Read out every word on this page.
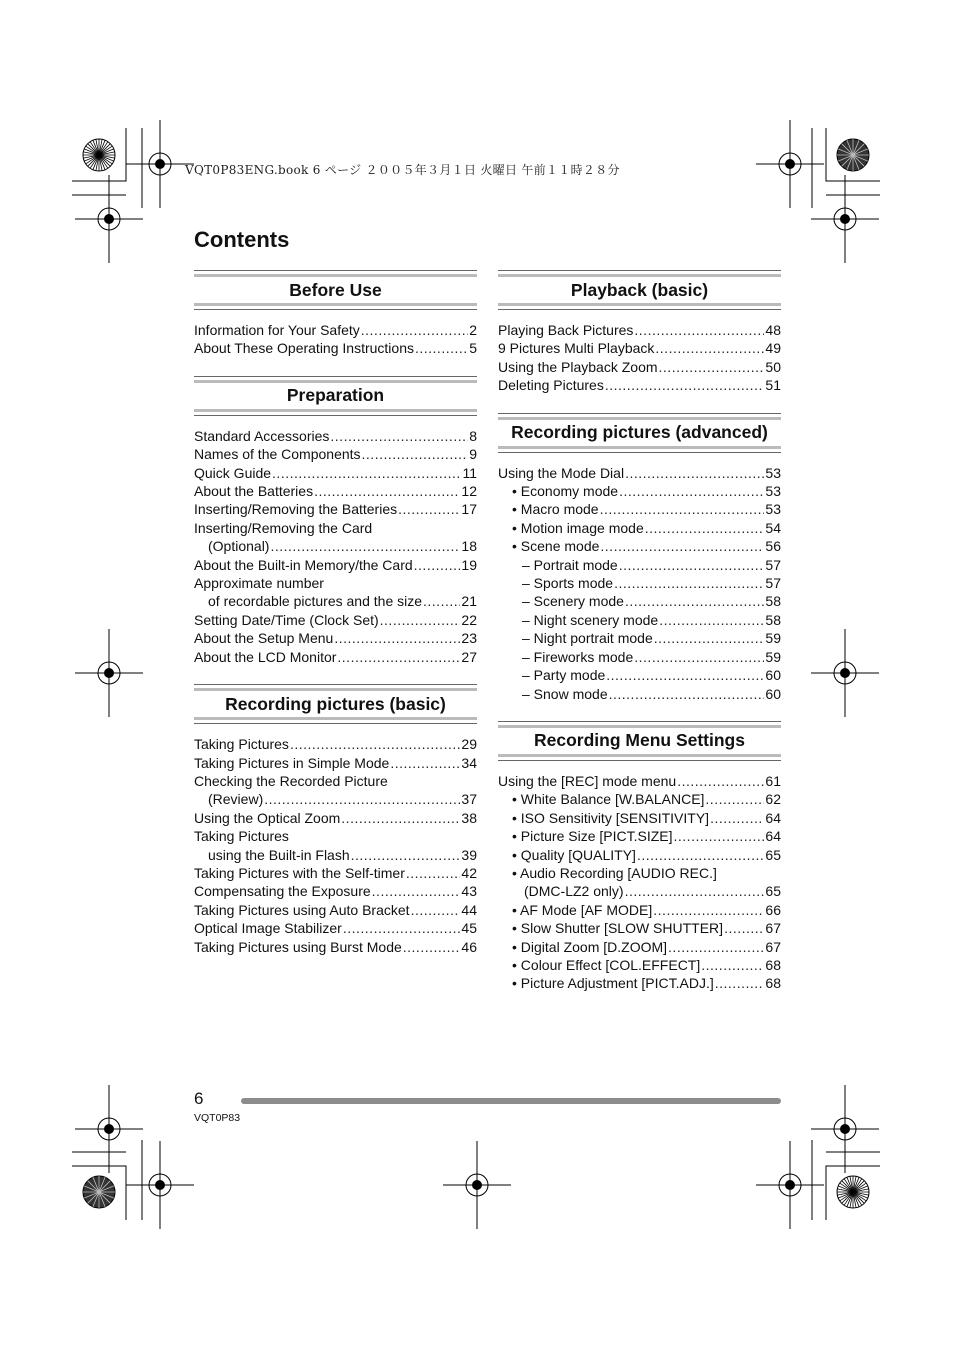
VQT0P83ENG.book 6 ページ ２００５年３月１日 火曜日 午前１１時２８分
Contents
Before Use
Information for Your Safety .....	2
About These Operating Instructions .....	5
Preparation
Standard Accessories .....	8
Names of the Components .....	9
Quick Guide .....	11
About the Batteries .....	12
Inserting/Removing the Batteries .....	17
Inserting/Removing the Card
(Optional) .....	18
About the Built-in Memory/the Card .....	19
Approximate number
of recordable pictures and the size .....	21
Setting Date/Time (Clock Set) .....	22
About the Setup Menu .....	23
About the LCD Monitor .....	27
Recording pictures (basic)
Taking Pictures .....	29
Taking Pictures in Simple Mode .....	34
Checking the Recorded Picture
(Review) .....	37
Using the Optical Zoom .....	38
Taking Pictures
using the Built-in Flash .....	39
Taking Pictures with the Self-timer .....	42
Compensating the Exposure .....	43
Taking Pictures using Auto Bracket .....	44
Optical Image Stabilizer .....	45
Taking Pictures using Burst Mode .....	46
Playback (basic)
Playing Back Pictures .....	48
9 Pictures Multi Playback .....	49
Using the Playback Zoom .....	50
Deleting Pictures .....	51
Recording pictures (advanced)
Using the Mode Dial .....	53
• Economy mode .....	53
• Macro mode .....	53
• Motion image mode .....	54
• Scene mode .....	56
– Portrait mode .....	57
– Sports mode .....	57
– Scenery mode .....	58
– Night scenery mode .....	58
– Night portrait mode .....	59
– Fireworks mode .....	59
– Party mode .....	60
– Snow mode .....	60
Recording Menu Settings
Using the [REC] mode menu .....	61
• White Balance [W.BALANCE] .....	62
• ISO Sensitivity [SENSITIVITY] .....	64
• Picture Size [PICT.SIZE] .....	64
• Quality [QUALITY] .....	65
• Audio Recording [AUDIO REC.]
(DMC-LZ2 only) .....	65
• AF Mode [AF MODE] .....	66
• Slow Shutter [SLOW SHUTTER] .....	67
• Digital Zoom [D.ZOOM] .....	67
• Colour Effect [COL.EFFECT] .....	68
• Picture Adjustment [PICT.ADJ.] .....	68
6
VQT0P83
